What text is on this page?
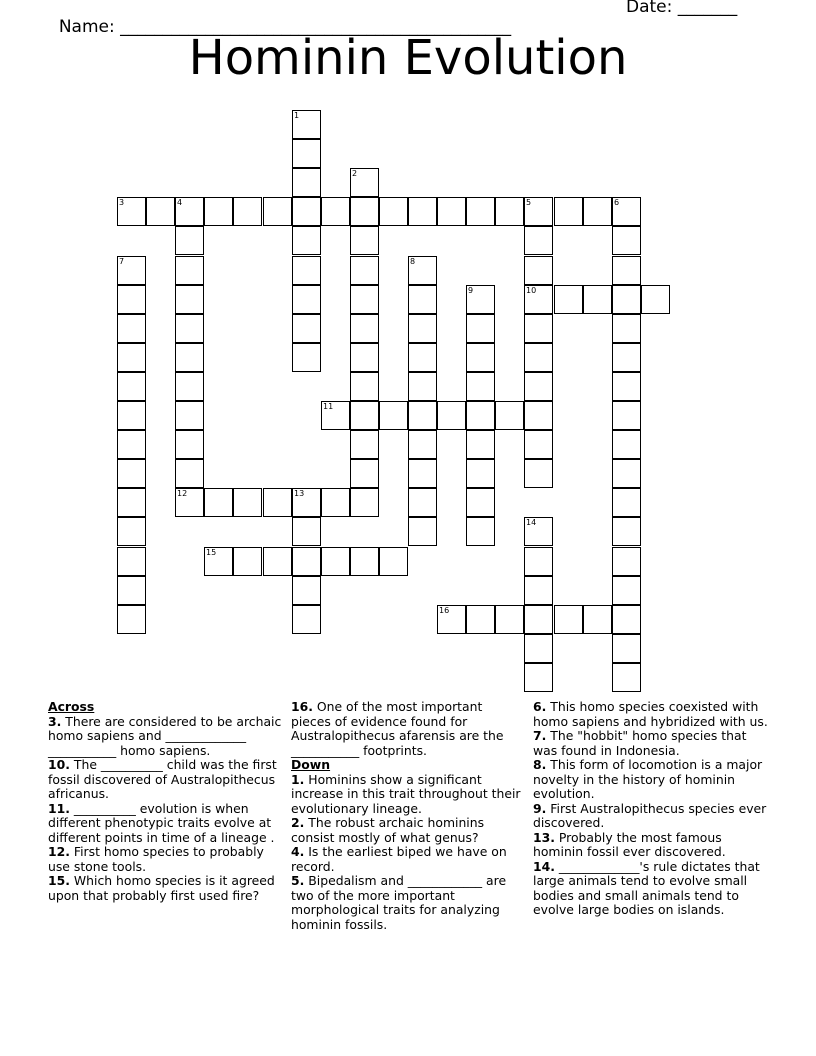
Name: ______________________________________________

Date: _______

Hominin Evolution
3	4	5	6
10
11
12	13
15
16
1
2
7	8
9
14
Across
3. There are considered to be archaic homo sapiens and _____________ ___________ homo sapiens.
10. The __________ child was the first fossil discovered of Australopithecus africanus.
11. __________ evolution is when different phenotypic traits evolve at different points in time of a lineage .
12. First homo species to probably use stone tools.
15. Which homo species is it agreed upon that probably first used fire?
16. One of the most important pieces of evidence found for Australopithecus afarensis are the ___________ footprints.
Down
1. Hominins show a significant increase in this trait throughout their evolutionary lineage.
2. The robust archaic hominins consist mostly of what genus?
4. Is the earliest biped we have on record.
5. Bipedalism and ____________ are two of the more important morphological traits for analyzing hominin fossils.
6. This homo species coexisted with homo sapiens and hybridized with us.
7. The "hobbit" homo species that was found in Indonesia.
8. This form of locomotion is a major novelty in the history of hominin evolution.
9. First Australopithecus species ever discovered.
13. Probably the most famous hominin fossil ever discovered.
14. _____________'s rule dictates that large animals tend to evolve small bodies and small animals tend to evolve large bodies on islands.
